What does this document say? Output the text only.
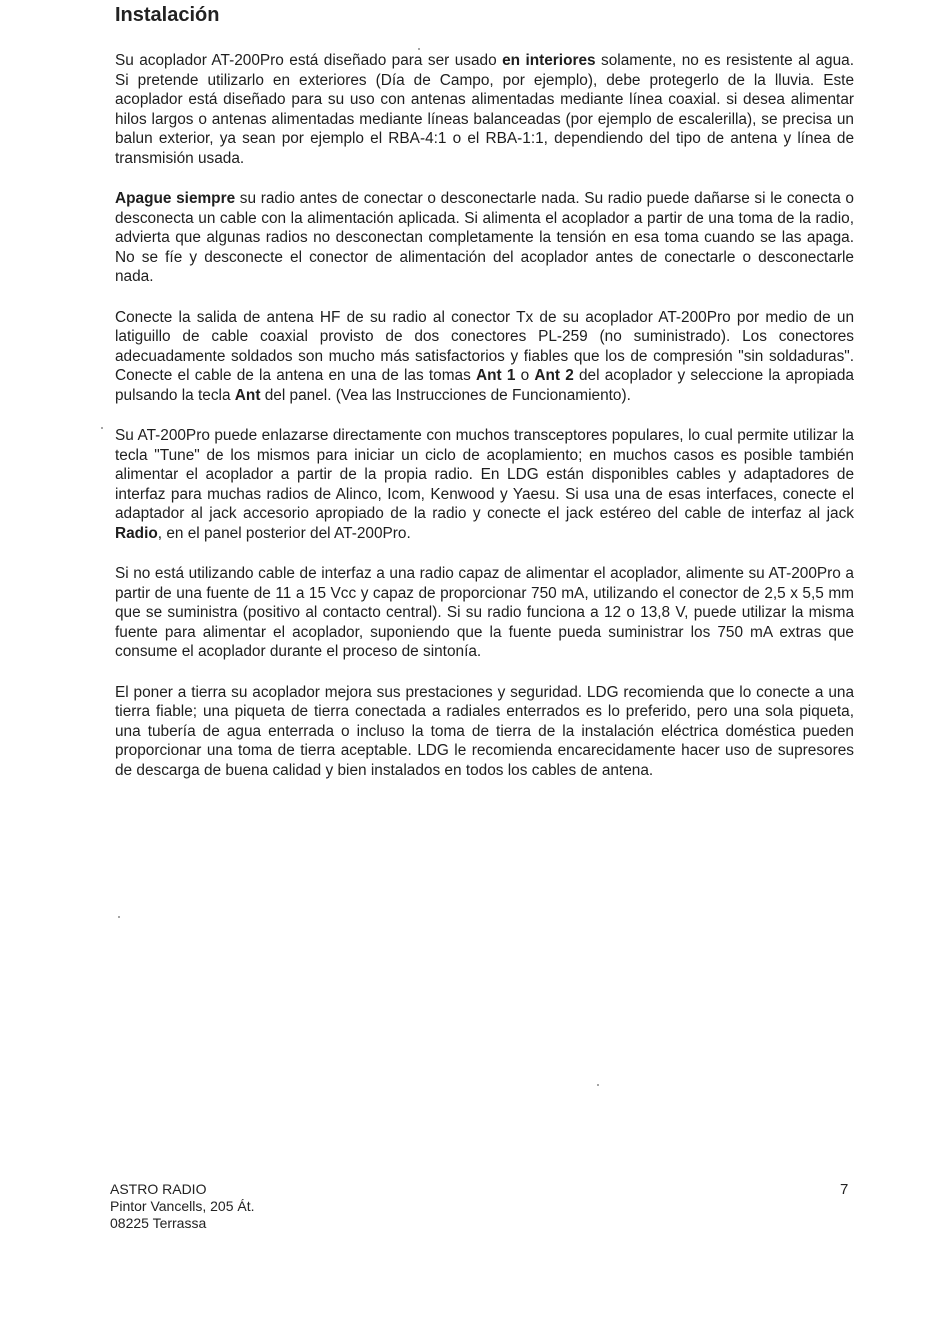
Instalación

Su acoplador AT-200Pro está diseñado para ser usado en interiores solamente, no es resistente al agua. Si pretende utilizarlo en exteriores (Día de Campo, por ejemplo), debe protegerlo de la lluvia. Este acoplador está diseñado para su uso con antenas alimentadas mediante línea coaxial. si desea alimentar hilos largos o antenas alimentadas mediante líneas balanceadas (por ejemplo de escalerilla), se precisa un balun exterior, ya sean por ejemplo el RBA-4:1 o el RBA-1:1, dependiendo del tipo de antena y línea de transmisión usada.

Apague siempre su radio antes de conectar o desconectarle nada. Su radio puede dañarse si le conecta o desconecta un cable con la alimentación aplicada. Si alimenta el acoplador a partir de una toma de la radio, advierta que algunas radios no desconectan completamente la tensión en esa toma cuando se las apaga. No se fíe y desconecte el conector de alimentación del acoplador antes de conectarle o desconectarle nada.

Conecte la salida de antena HF de su radio al conector Tx de su acoplador AT-200Pro por medio de un latiguillo de cable coaxial provisto de dos conectores PL-259 (no suministrado). Los conectores adecuadamente soldados son mucho más satisfactorios y fiables que los de compresión "sin soldaduras". Conecte el cable de la antena en una de las tomas Ant 1 o Ant 2 del acoplador y seleccione la apropiada pulsando la tecla Ant del panel. (Vea las Instrucciones de Funcionamiento).

Su AT-200Pro puede enlazarse directamente con muchos transceptores populares, lo cual permite utilizar la tecla "Tune" de los mismos para iniciar un ciclo de acoplamiento; en muchos casos es posible también alimentar el acoplador a partir de la propia radio. En LDG están disponibles cables y adaptadores de interfaz para muchas radios de Alinco, Icom, Kenwood y Yaesu. Si usa una de esas interfaces, conecte el adaptador al jack accesorio apropiado de la radio y conecte el jack estéreo del cable de interfaz al jack Radio, en el panel posterior del AT-200Pro.

Si no está utilizando cable de interfaz a una radio capaz de alimentar el acoplador, alimente su AT-200Pro a partir de una fuente de 11 a 15 Vcc y capaz de proporcionar 750 mA, utilizando el conector de 2,5 x 5,5 mm que se suministra (positivo al contacto central). Si su radio funciona a 12 o 13,8 V, puede utilizar la misma fuente para alimentar el acoplador, suponiendo que la fuente pueda suministrar los 750 mA extras que consume el acoplador durante el proceso de sintonía.

El poner a tierra su acoplador mejora sus prestaciones y seguridad. LDG recomienda que lo conecte a una tierra fiable; una piqueta de tierra conectada a radiales enterrados es lo preferido, pero una sola piqueta, una tubería de agua enterrada o incluso la toma de tierra de la instalación eléctrica doméstica pueden proporcionar una toma de tierra aceptable. LDG le recomienda encarecidamente hacer uso de supresores de descarga de buena calidad y bien instalados en todos los cables de antena.

ASTRO RADIO
Pintor Vancells, 205 Át.
08225 Terrassa
7
